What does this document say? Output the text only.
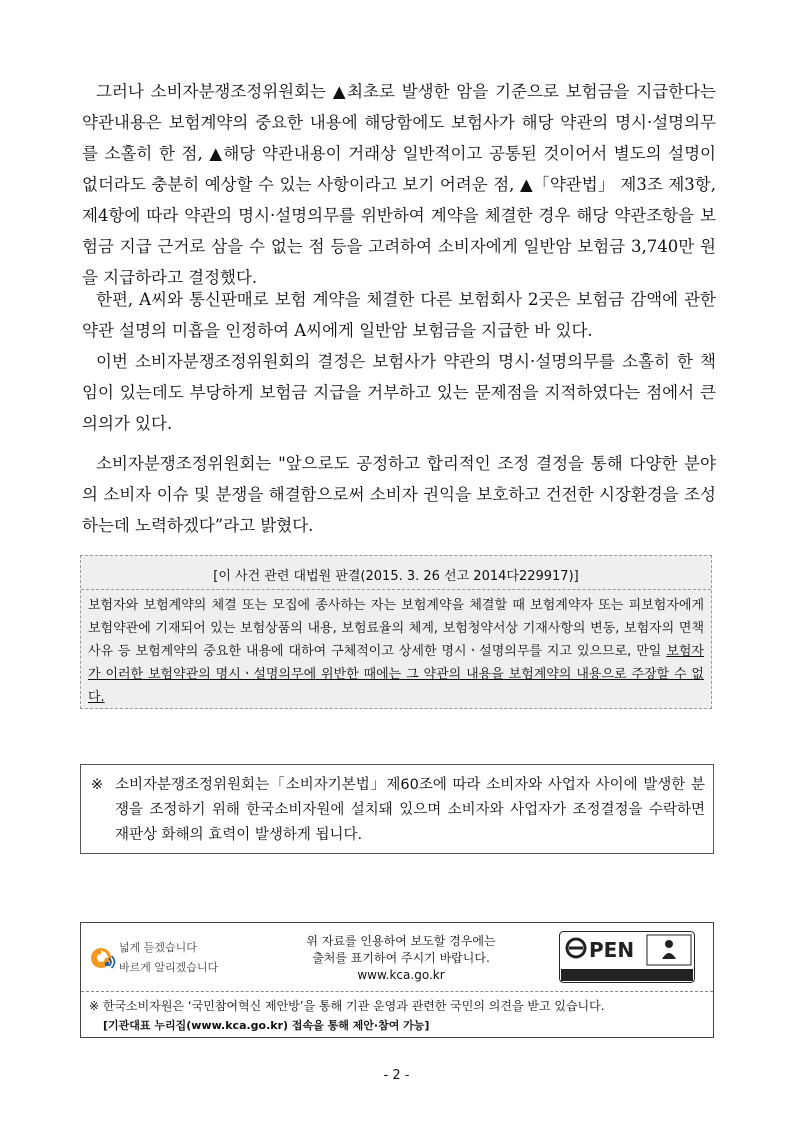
그러나 소비자분쟁조정위원회는 ▲최초로 발생한 암을 기준으로 보험금을 지급한다는 약관내용은 보험계약의 중요한 내용에 해당함에도 보험사가 해당 약관의 명시·설명의무를 소홀히 한 점, ▲해당 약관내용이 거래상 일반적이고 공통된 것이어서 별도의 설명이 없더라도 충분히 예상할 수 있는 사항이라고 보기 어려운 점, ▲「약관법」 제3조 제3항, 제4항에 따라 약관의 명시·설명의무를 위반하여 계약을 체결한 경우 해당 약관조항을 보험금 지급 근거로 삼을 수 없는 점 등을 고려하여 소비자에게 일반암 보험금 3,740만 원을 지급하라고 결정했다.
한편, A씨와 통신판매로 보험 계약을 체결한 다른 보험회사 2곳은 보험금 감액에 관한 약관 설명의 미흡을 인정하여 A씨에게 일반암 보험금을 지급한 바 있다.
이번 소비자분쟁조정위원회의 결정은 보험사가 약관의 명시·설명의무를 소홀히 한 책임이 있는데도 부당하게 보험금 지급을 거부하고 있는 문제점을 지적하였다는 점에서 큰 의의가 있다.
소비자분쟁조정위원회는 "앞으로도 공정하고 합리적인 조정 결정을 통해 다양한 분야의 소비자 이슈 및 분쟁을 해결함으로써 소비자 권익을 보호하고 건전한 시장환경을 조성하는데 노력하겠다”라고 밝혔다.
[이 사건 관련 대법원 판결(2015. 3. 26 선고 2014다229917)]
보험자와 보험계약의 체결 또는 모집에 종사하는 자는 보험계약을 체결할 때 보험계약자 또는 피보험자에게 보험약관에 기재되어 있는 보험상품의 내용, 보험료율의 체계, 보험청약서상 기재사항의 변동, 보험자의 면책사유 등 보험계약의 중요한 내용에 대하여 구체적이고 상세한 명시ㆍ설명의무를 지고 있으므로, 만일 보험자가 이러한 보험약관의 명시ㆍ설명의무에 위반한 때에는 그 약관의 내용을 보험계약의 내용으로 주장할 수 없다.
※ 소비자분쟁조정위원회는「소비자기본법」제60조에 따라 소비자와 사업자 사이에 발생한 분쟁을 조정하기 위해 한국소비자원에 설치돼 있으며 소비자와 사업자가 조정결정을 수락하면 재판상 화해의 효력이 발생하게 됩니다.
넓게 듣겠습니다
바르게 알리겠습니다
위 자료를 인용하여 보도할 경우에는
출처를 표기하여 주시기 바랍니다.
www.kca.go.kr
PEN
※ 한국소비자원은 ‘국민참여혁신 제안방’을 통해 기관 운영과 관련한 국민의 의견을 받고 있습니다.
[기관대표 누리집(www.kca.go.kr) 접속을 통해 제안·참여 가능]
- 2 -
